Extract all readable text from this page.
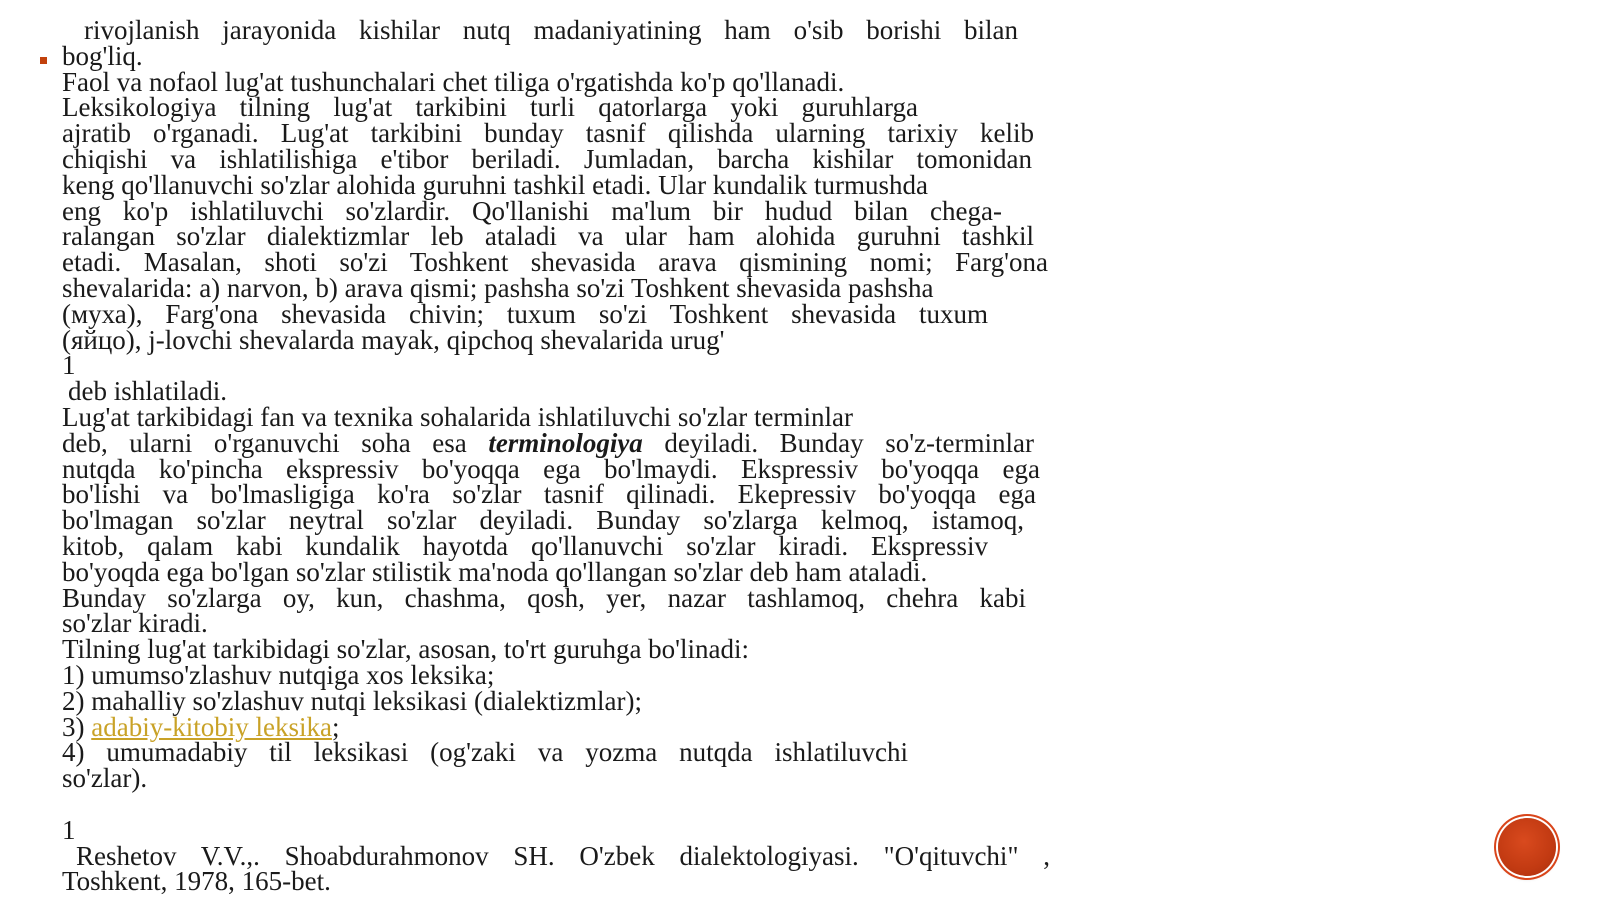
rivojlanish jarayonida kishilar nutq madaniyatining ham o'sib borishi bilan
bog'liq.
Faol va nofaol lug'at tushunchalari chet tiliga o'rgatishda ko'p qo'llanadi.
Leksikologiya tilning lug'at tarkibini turli qatorlarga yoki guruhlarga
ajratib o'rganadi. Lug'at tarkibini bunday tasnif qilishda ularning tarixiy kelib
chiqishi va ishlatilishiga e'tibor beriladi. Jumladan, barcha kishilar tomonidan
keng qo'llanuvchi so'zlar alohida guruhni tashkil etadi. Ular kundalik turmushda
eng ko'p ishlatiluvchi so'zlardir. Qo'llanishi ma'lum bir hudud bilan chega-
ralangan so'zlar dialektizmlar leb ataladi va ular ham alohida guruhni tashkil
etadi. Masalan, shoti so'zi Toshkent shevasida arava qismining nomi; Farg'ona
shevalarida: a) narvon, b) arava qismi; pashsha so'zi Toshkent shevasida pashsha
(муха), Farg'ona shevasida chivin; tuxum so'zi Toshkent shevasida tuxum
(яйцо), j-lovchi shevalarda mayak, qipchoq shevalarida urug'
1
deb ishlatiladi.
Lug'at tarkibidagi fan va texnika sohalarida ishlatiluvchi so'zlar terminlar
deb, ularni o'rganuvchi soha esa terminologiya deyiladi. Bunday so'z-terminlar
nutqda ko'pincha ekspressiv bo'yoqqa ega bo'lmaydi. Ekspressiv bo'yoqqa ega
bo'lishi va bo'lmasligiga ko'ra so'zlar tasnif qilinadi. Ekepressiv bo'yoqqa ega
bo'lmagan so'zlar neytral so'zlar deyiladi. Bunday so'zlarga kelmoq, istamoq,
kitob, qalam kabi kundalik hayotda qo'llanuvchi so'zlar kiradi. Ekspressiv
bo'yoqda ega bo'lgan so'zlar stilistik ma'noda qo'llangan so'zlar deb ham ataladi.
Bunday so'zlarga oy, kun, chashma, qosh, yer, nazar tashlamoq, chehra kabi
so'zlar kiradi.
Tilning lug'at tarkibidagi so'zlar, asosan, to'rt guruhga bo'linadi:
1) umumso'zlashuv nutqiga xos leksika;
2) mahalliy so'zlashuv nutqi leksikasi (dialektizmlar);
3) adabiy-kitobiy leksika;
4) umumadabiy til leksikasi (og'zaki va yozma nutqda ishlatiluvchi
so'zlar).
1
Reshetov V.V.,. Shoabdurahmonov SH. O'zbek dialektologiyasi. "O'qituvchi" ,
Toshkent, 1978, 165-bet.
